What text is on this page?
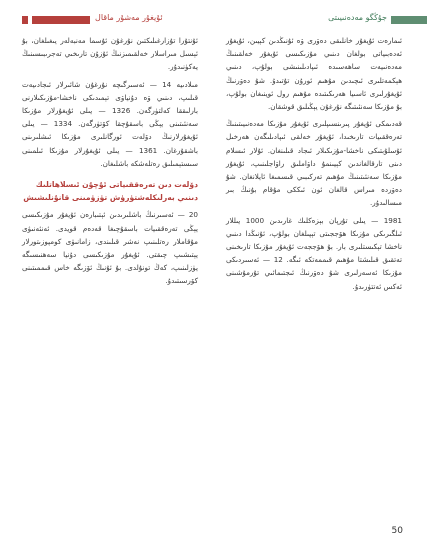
ئۇيغۇر مەشۇر ماقال	جۇڭگو مەدەنىيىتى

ئىمارەت ئۇيغۇر خانلىقى دەۋرى ۋە ئۇنىڭدىن كېيىن، ئۇيغۇر ئەدەبىياتى بولغان دىنىي مۇزىكىسى ئۇيغۇر خەلقىنىڭ مەدەنىيەت ساھەسىدە ئىپادىلىنىشى بولۇپ، دىنىي ھېكمەتلىرى ئىچىدىن مۇھىم ئورۇن تۇتىدۇ. شۇ دەۋرنىڭ ئۇيغۇرلىرى ئاسىيا ھەرىكىتىدە مۇھىم رول ئوينىغان بولۇپ، بۇ مۇزىكا سەنئىتىگە نۇرغۇن يېڭىلىق قوشقان.

قەدىمكى ئۇيغۇر پىرىنسىپلىرى ئۇيغۇر مۇزىكا مەدەنىيىتىنىڭ تەرەققىيات تارىخىدا، ئۇيغۇر خەلقى ئىپادىلىگەن ھەرخىل ئۇسلۇبتىكى ناخشا-مۇزىكىلار ئىجاد قىلىنغان. ئۇلار ئىسلام دىنى تارقالغاندىن كېيىنمۇ داۋاملىق راۋاجلىنىپ، ئۇيغۇر مۇزىكا سەنئىتىنىڭ مۇھىم تەركىبىي قىسمىغا ئايلانغان. شۇ دەۋردە مىراس قالغان ئون ئىككى مۇقام بۇنىڭ بىر مىسالىدۇر.

1981 — يىلى تۇرپان بېزەكلىك غارىدىن 1000 يىللار ئىلگىرىكى مۇزىكا ھۆججىتى تېپىلغان بولۇپ، ئۇنىڭدا دىنىي ناخشا تېكىستلىرى بار. بۇ ھۆججەت ئۇيغۇر مۇزىكا تارىخىنى تەتقىق قىلىشتا مۇھىم قىممەتكە ئىگە. 12 — ئەسىردىكى مۇزىكا ئەسەرلىرى شۇ دەۋرنىڭ ئىجتىمائىي تۇرمۇشىنى ئەكس ئەتتۈرىدۇ.

ئۇنتۇرا تۇزارغىلىكتىن نۇرغۇن ئۇسما مەنبەلەر يىغىلغان، بۇ ئېسىل مىراسلار خەلقىمىزنىڭ ئۇزۇن تارىخىي تەجرىبىسىنىڭ يەكۈنىدۇر.

مىلادىيە 14 — ئەسىرگىچە نۇرغۇن شائىرلار ئىجادىيەت قىلىپ، دىنىي ۋە دۇنياۋى تېمىدىكى ناخشا-مۇزىكىلارنى بارلىققا كەلتۈرگەن. 1326 — يىلى ئۇيغۇرلار مۇزىكا سەنئىتىنى يېڭى باسقۇچقا كۆتۈرگەن. 1334 — يىلى ئۇيغۇرلارنىڭ دۆلەت ئورگانلىرى مۇزىكا ئىشلىرىنى باشقۇرغان. 1361 — يىلى ئۇيغۇرلار مۇزىكا ئىلمىنى سىستېمىلىق رەتلەشكە باشلىغان.

دۆلەت دىن تەرەققىياتى ئۇچۇن ئىسلاھاتلىك دىنىي بەرلىكلەشتۈرۈش تۈزۈمىنى قانۇنلىشىش

20 — ئەسىرنىڭ باشلىرىدىن ئېتىبارەن ئۇيغۇر مۇزىكىسى يېڭى تەرەققىيات باسقۇچىغا قەدەم قويدى. ئەنئەنىۋى مۇقاملار رەتلىنىپ نەشر قىلىندى، زامانىۋى كومپوزىتورلار يېتىشىپ چىقتى. ئۇيغۇر مۇزىكىسى دۇنيا سەھنىسىگە يۈزلىنىپ، كەڭ تونۇلدى. بۇ ئۇنىڭ ئۆزىگە خاس قىممىتىنى كۆرسىتىدۇ.

50
